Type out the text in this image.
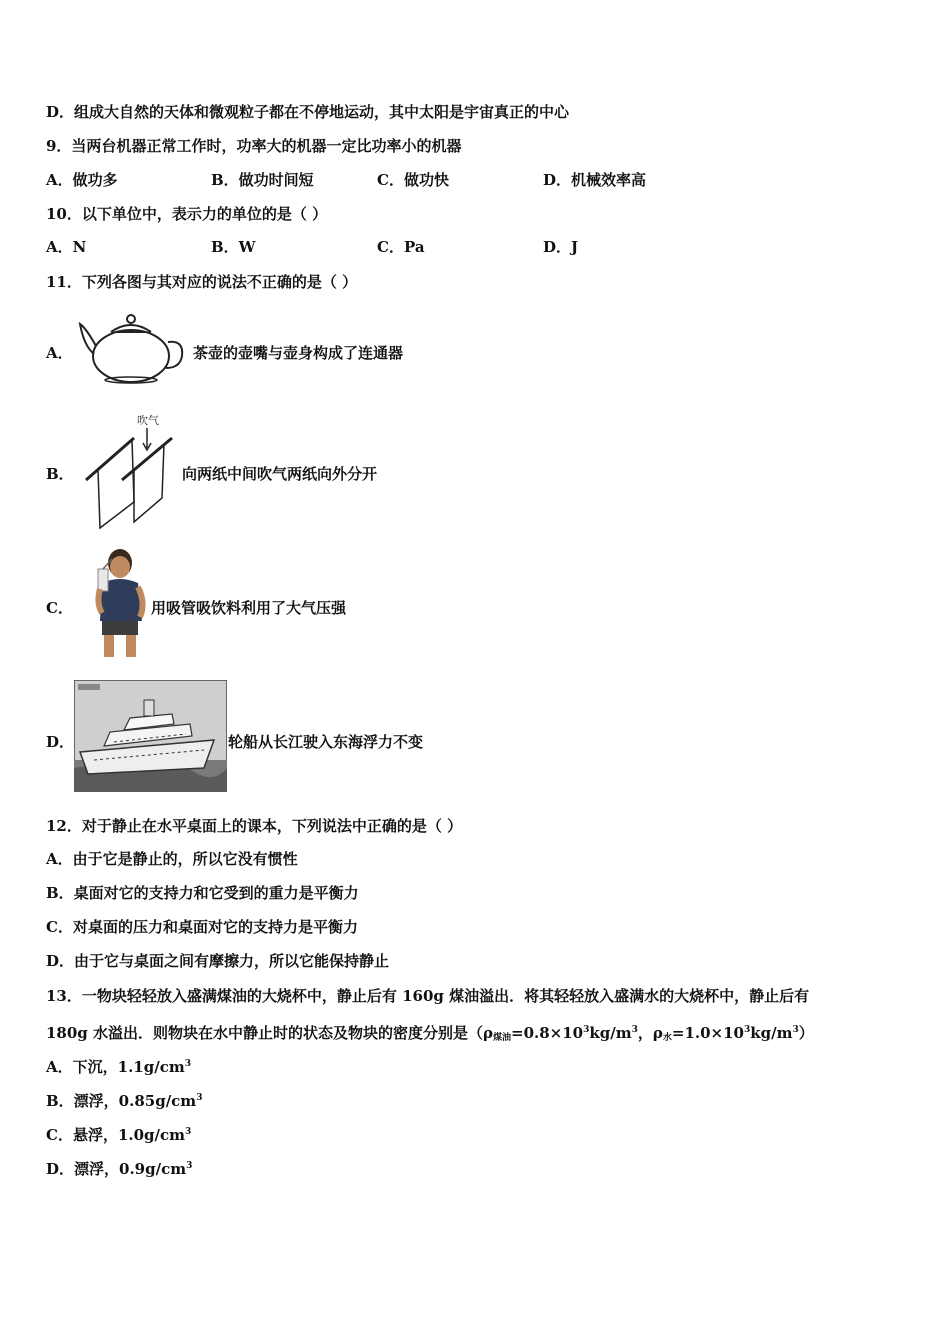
D．组成大自然的天体和微观粒子都在不停地运动，其中太阳是宇宙真正的中心
9．当两台机器正常工作时，功率大的机器一定比功率小的机器
A．做功多	B．做功时间短	C．做功快	D．机械效率高
10．以下单位中，表示力的单位的是（ ）
A．N	B．W	C．Pa	D．J
11．下列各图与其对应的说法不正确的是（ ）
A．	茶壶的壶嘴与壶身构成了连通器
B．
吹气
向两纸中间吹气两纸向外分开
C．	用吸管吸饮料利用了大气压强
D．	轮船从长江驶入东海浮力不变
12．对于静止在水平桌面上的课本，下列说法中正确的是（ ）
A．由于它是静止的，所以它没有惯性
B．桌面对它的支持力和它受到的重力是平衡力
C．对桌面的压力和桌面对它的支持力是平衡力
D．由于它与桌面之间有摩擦力，所以它能保持静止
13．一物块轻轻放入盛满煤油的大烧杯中，静止后有 160g 煤油溢出．将其轻轻放入盛满水的大烧杯中，静止后有
180g 水溢出．则物块在水中静止时的状态及物块的密度分别是（$\rho_{煤油}=0.8\times 10^3kg/m^3$，$\rho_水=1.0\times 10^3kg/m^3$）
A．下沉，$1.1g/cm^3$
B．漂浮，$0.85g/cm^3$
C．悬浮，$1.0g/cm^3$
D．漂浮，$0.9g/cm^3$
